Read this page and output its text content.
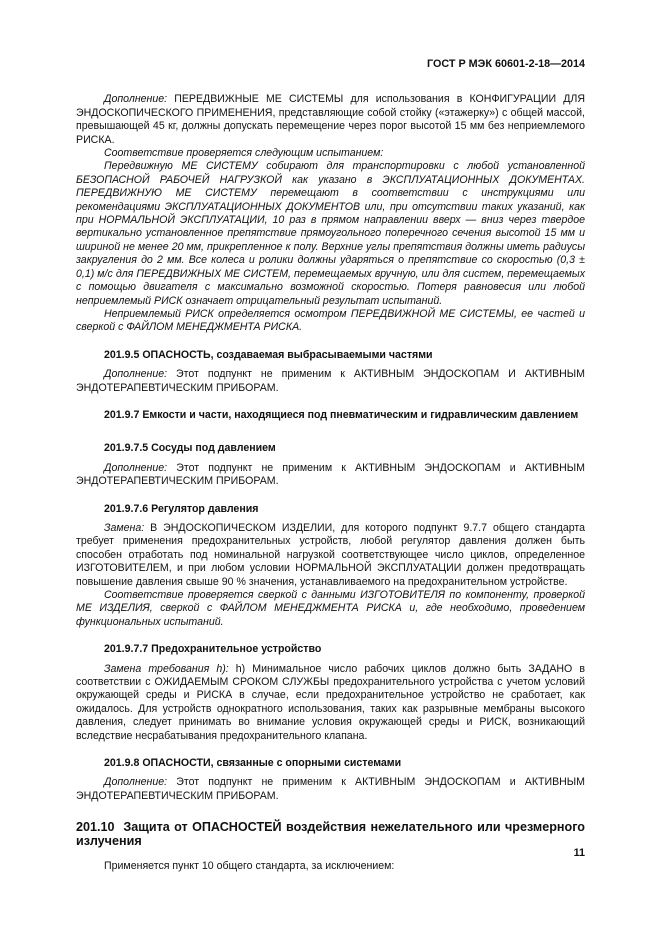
ГОСТ Р МЭК 60601-2-18—2014

Дополнение: ПЕРЕДВИЖНЫЕ МЕ СИСТЕМЫ для использования в КОНФИГУРАЦИИ ДЛЯ ЭНДОСКОПИЧЕСКОГО ПРИМЕНЕНИЯ, представляющие собой стойку («этажерку») с общей массой, превышающей 45 кг, должны допускать перемещение через порог высотой 15 мм без неприемлемого РИСКА.

Соответствие проверяется следующим испытанием:

Передвижную МЕ СИСТЕМУ собирают для транспортировки с любой установленной БЕЗОПАСНОЙ РАБОЧЕЙ НАГРУЗКОЙ как указано в ЭКСПЛУАТАЦИОННЫХ ДОКУМЕНТАХ. ПЕРЕДВИЖНУЮ МЕ СИСТЕМУ перемещают в соответствии с инструкциями или рекомендациями ЭКСПЛУАТАЦИОННЫХ ДОКУМЕНТОВ или, при отсутствии таких указаний, как при НОРМАЛЬНОЙ ЭКСПЛУАТАЦИИ, 10 раз в прямом направлении вверх — вниз через твердое вертикально установленное препятствие прямоугольного поперечного сечения высотой 15 мм и шириной не менее 20 мм, прикрепленное к полу. Верхние углы препятствия должны иметь радиусы закругления до 2 мм. Все колеса и ролики должны ударяться о препятствие со скоростью (0,3 ± 0,1) м/с для ПЕРЕДВИЖНЫХ МЕ СИСТЕМ, перемещаемых вручную, или для систем, перемещаемых с помощью двигателя с максимально возможной скоростью. Потеря равновесия или любой неприемлемый РИСК означает отрицательный результат испытаний.

Неприемлемый РИСК определяется осмотром ПЕРЕДВИЖНОЙ МЕ СИСТЕМЫ, ее частей и сверкой с ФАЙЛОМ МЕНЕДЖМЕНТА РИСКА.

201.9.5 ОПАСНОСТЬ, создаваемая выбрасываемыми частями

Дополнение: Этот подпункт не применим к АКТИВНЫМ ЭНДОСКОПАМ И АКТИВНЫМ ЭНДОТЕРАПЕВТИЧЕСКИМ ПРИБОРАМ.

201.9.7 Емкости и части, находящиеся под пневматическим и гидравлическим давлением

201.9.7.5 Сосуды под давлением

Дополнение: Этот подпункт не применим к АКТИВНЫМ ЭНДОСКОПАМ и АКТИВНЫМ ЭНДОТЕРАПЕВТИЧЕСКИМ ПРИБОРАМ.

201.9.7.6 Регулятор давления

Замена: В ЭНДОСКОПИЧЕСКОМ ИЗДЕЛИИ, для которого подпункт 9.7.7 общего стандарта требует применения предохранительных устройств, любой регулятор давления должен быть способен отработать под номинальной нагрузкой соответствующее число циклов, определенное ИЗГОТОВИТЕЛЕМ, и при любом условии НОРМАЛЬНОЙ ЭКСПЛУАТАЦИИ должен предотвращать повышение давления свыше 90 % значения, устанавливаемого на предохранительном устройстве.

Соответствие проверяется сверкой с данными ИЗГОТОВИТЕЛЯ по компоненту, проверкой МЕ ИЗДЕЛИЯ, сверкой с ФАЙЛОМ МЕНЕДЖМЕНТА РИСКА и, где необходимо, проведением функциональных испытаний.

201.9.7.7 Предохранительное устройство

Замена требования h): h) Минимальное число рабочих циклов должно быть ЗАДАНО в соответствии с ОЖИДАЕМЫМ СРОКОМ СЛУЖБЫ предохранительного устройства с учетом условий окружающей среды и РИСКА в случае, если предохранительное устройство не сработает, как ожидалось. Для устройств однократного использования, таких как разрывные мембраны высокого давления, следует принимать во внимание условия окружающей среды и РИСК, возникающий вследствие несрабатывания предохранительного клапана.

201.9.8 ОПАСНОСТИ, связанные с опорными системами

Дополнение: Этот подпункт не применим к АКТИВНЫМ ЭНДОСКОПАМ и АКТИВНЫМ ЭНДОТЕРАПЕВТИЧЕСКИМ ПРИБОРАМ.

201.10 Защита от ОПАСНОСТЕЙ воздействия нежелательного или чрезмерного излучения

Применяется пункт 10 общего стандарта, за исключением:

11
